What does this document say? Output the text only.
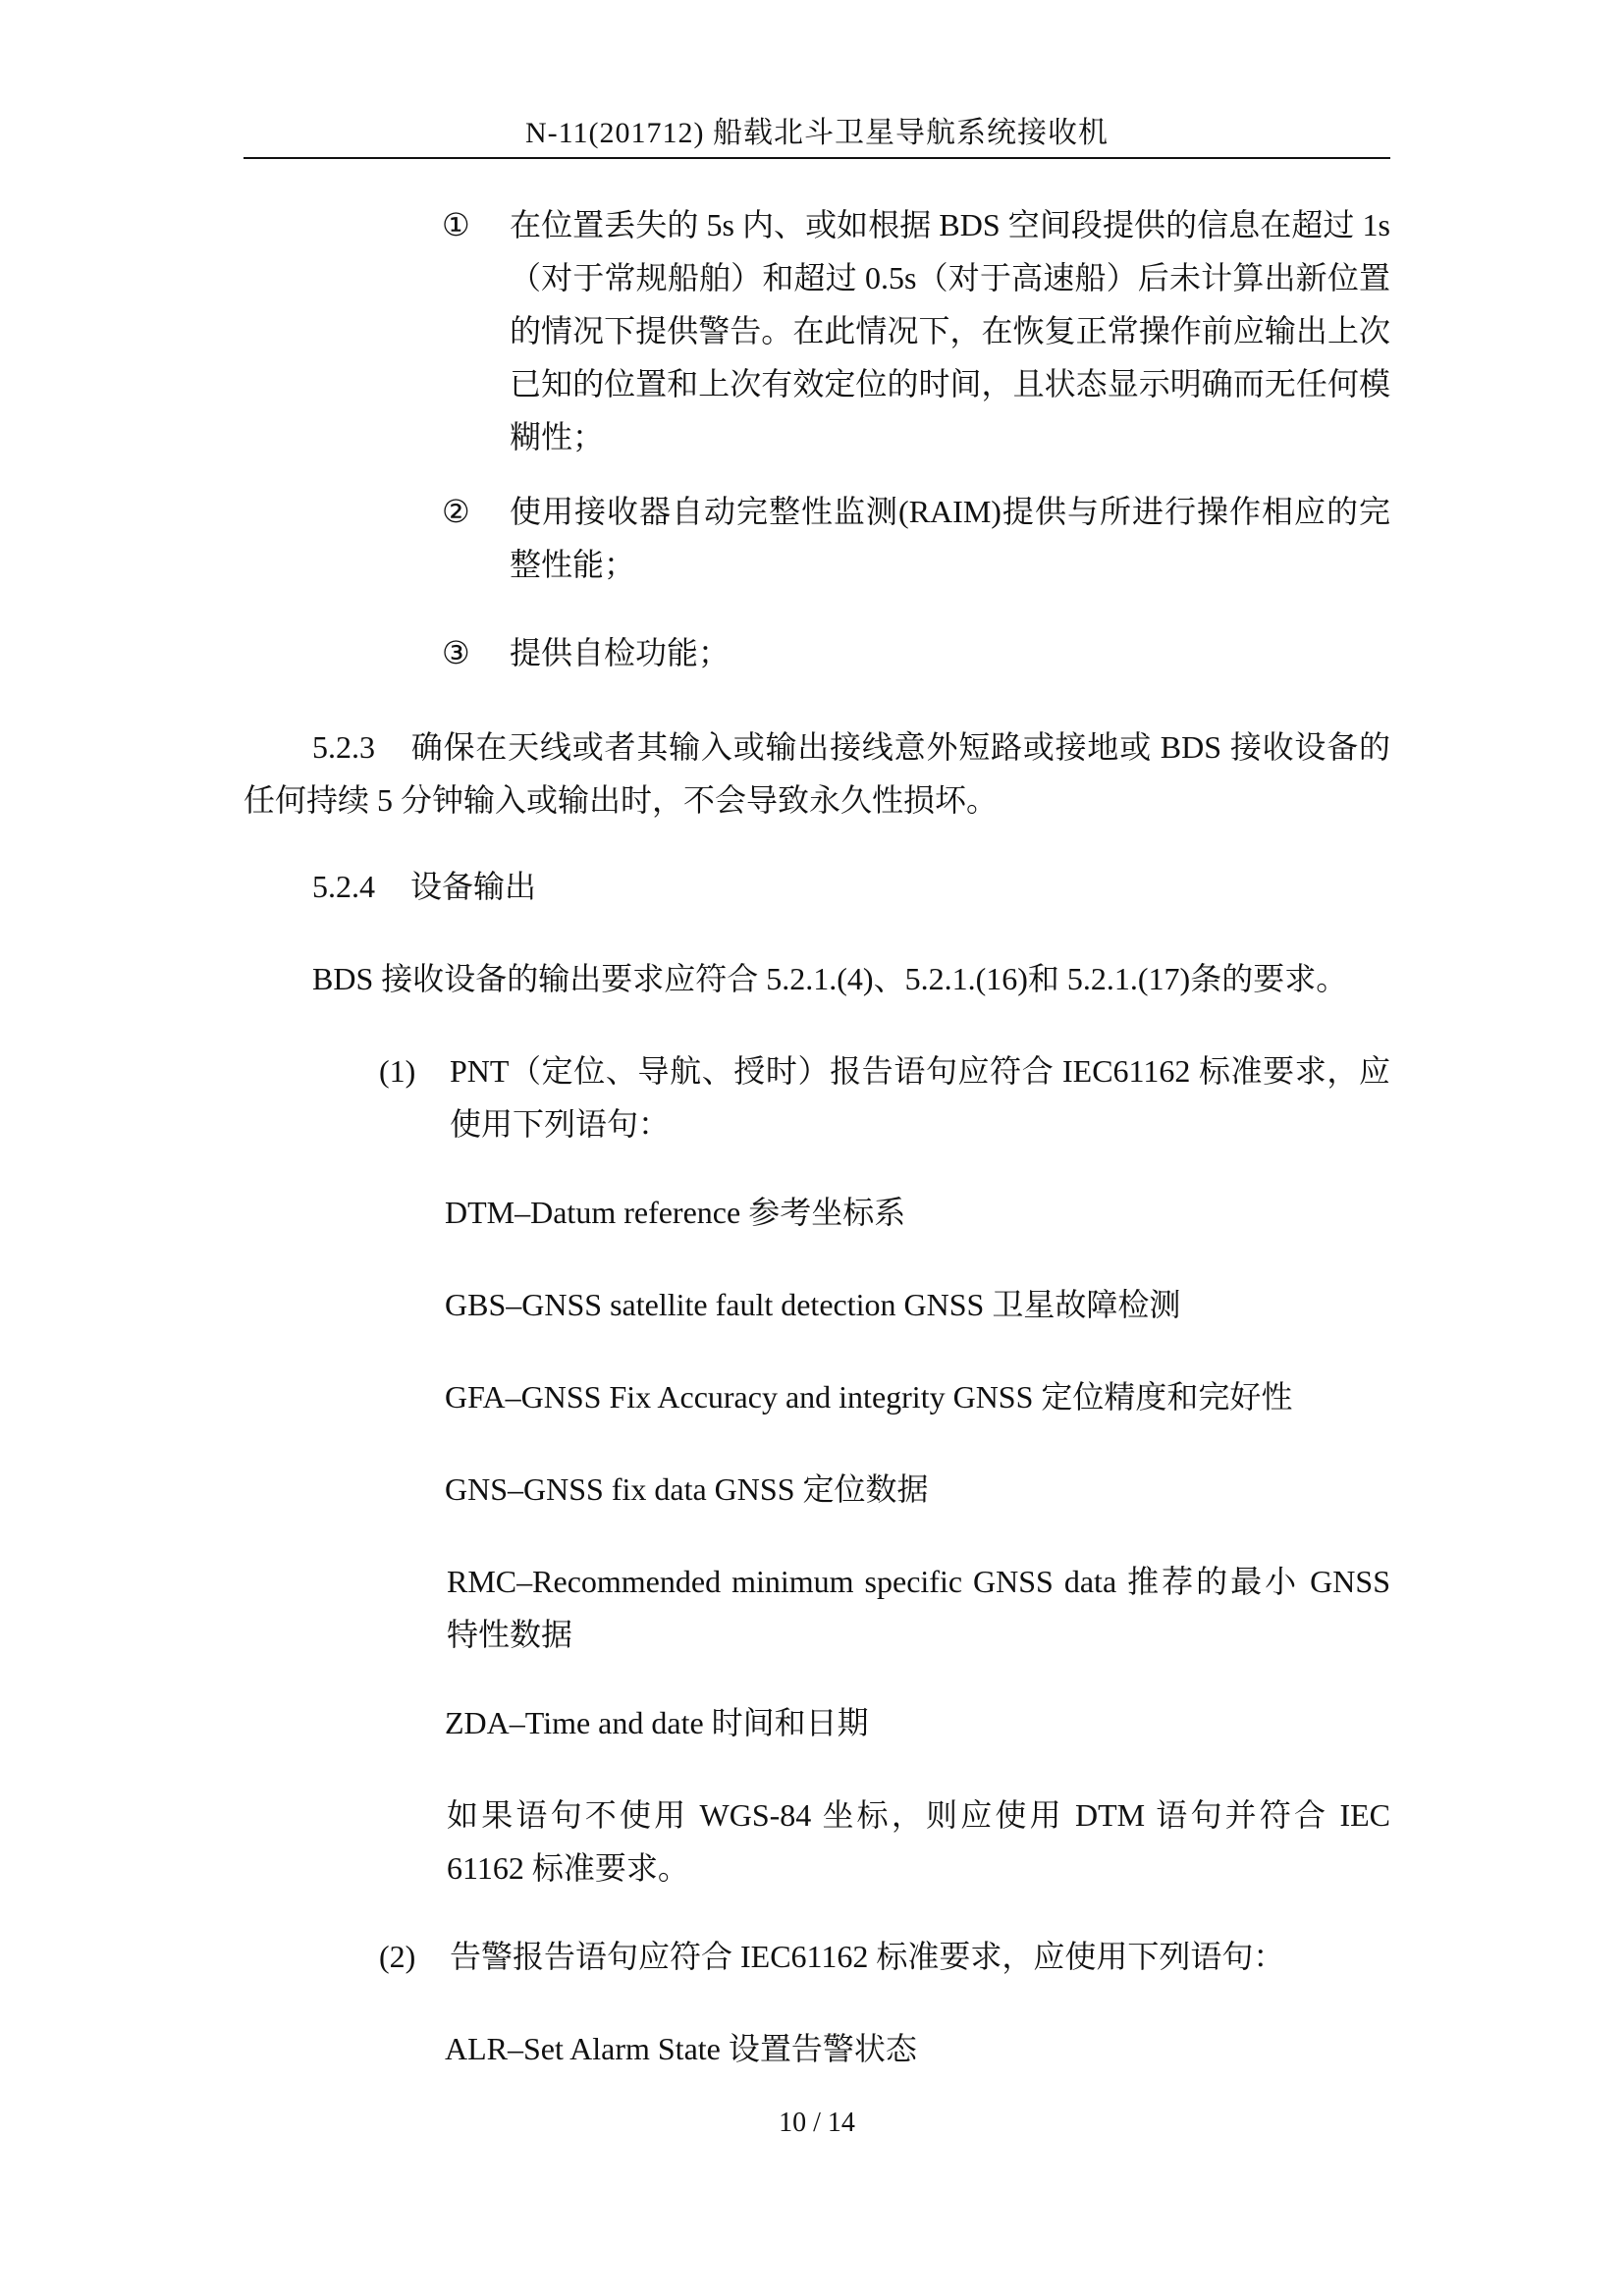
N-11(201712) 船载北斗卫星导航系统接收机
① 在位置丢失的 5s 内、或如根据 BDS 空间段提供的信息在超过 1s（对于常规船舶）和超过 0.5s（对于高速船）后未计算出新位置的情况下提供警告。在此情况下，在恢复正常操作前应输出上次已知的位置和上次有效定位的时间，且状态显示明确而无任何模糊性；
② 使用接收器自动完整性监测(RAIM)提供与所进行操作相应的完整性能；
③ 提供自检功能；
5.2.3 确保在天线或者其输入或输出接线意外短路或接地或 BDS 接收设备的任何持续 5 分钟输入或输出时，不会导致永久性损坏。
5.2.4 设备输出
BDS 接收设备的输出要求应符合 5.2.1.(4)、5.2.1.(16)和 5.2.1.(17)条的要求。
(1) PNT（定位、导航、授时）报告语句应符合 IEC61162 标准要求，应使用下列语句：
DTM–Datum reference 参考坐标系
GBS–GNSS satellite fault detection GNSS 卫星故障检测
GFA–GNSS Fix Accuracy and integrity GNSS 定位精度和完好性
GNS–GNSS fix data GNSS 定位数据
RMC–Recommended minimum specific GNSS data 推荐的最小 GNSS 特性数据
ZDA–Time and date 时间和日期
如果语句不使用 WGS-84 坐标，则应使用 DTM 语句并符合 IEC 61162 标准要求。
(2) 告警报告语句应符合 IEC61162 标准要求，应使用下列语句：
ALR–Set Alarm State 设置告警状态
10 / 14
